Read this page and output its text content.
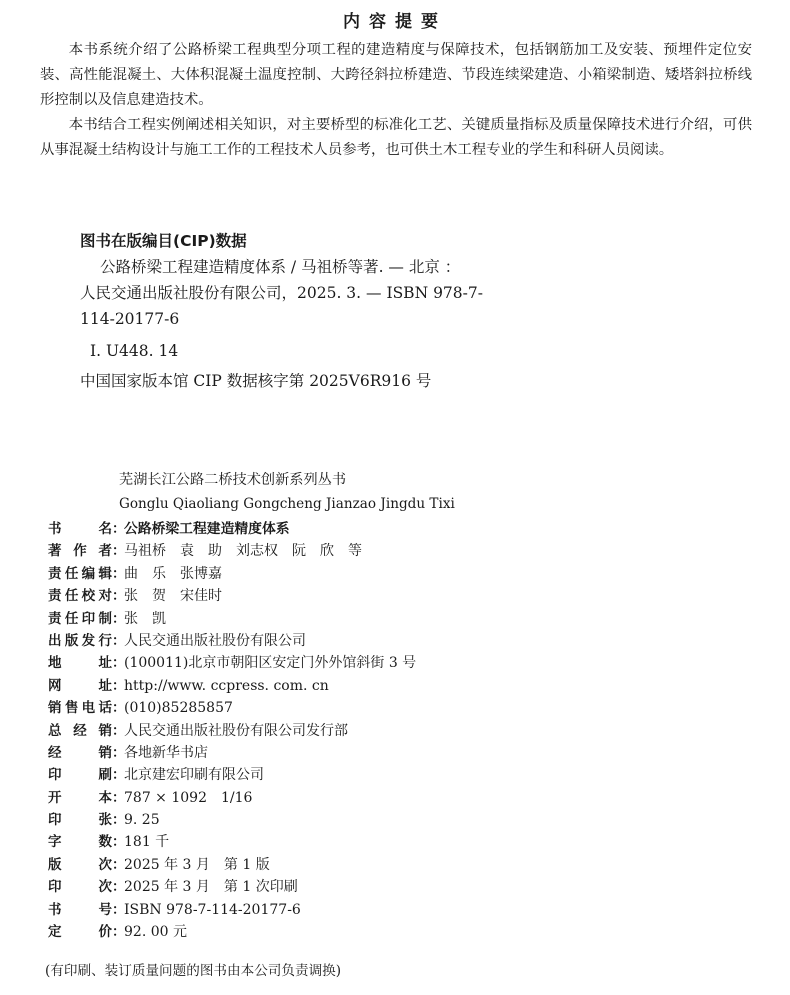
内容提要

本书系统介绍了公路桥梁工程典型分项工程的建造精度与保障技术，包括钢筋加工及安装、预埋件定位安装、高性能混凝土、大体积混凝土温度控制、大跨径斜拉桥建造、节段连续梁建造、小箱梁制造、矮塔斜拉桥线形控制以及信息建造技术。

本书结合工程实例阐述相关知识，对主要桥型的标准化工艺、关键质量指标及质量保障技术进行介绍，可供从事混凝土结构设计与施工工作的工程技术人员参考，也可供土木工程专业的学生和科研人员阅读。

图书在版编目(CIP)数据
公路桥梁工程建造精度体系 / 马祖桥等著. — 北京 ：
人民交通出版社股份有限公司，2025. 3. — ISBN 978-7-
114-20177-6
Ⅰ. U448. 14
中国国家版本馆 CIP 数据核字第 2025V6R916 号
芜湖长江公路二桥技术创新系列丛书
Gonglu Qiaoliang Gongcheng Jianzao Jingdu Tixi
书	名 ：
公路桥梁工程建造精度体系
著 作 者 ：
马祖桥　袁　助　刘志权　阮　欣　等
责 任 编 辑 ：
曲　乐　张博嘉
责 任 校 对 ：
张　贺　宋佳时
责 任 印 制 ：
张　凯
出 版 发 行 ：
人民交通出版社股份有限公司
地	址 ：
(100011)北京市朝阳区安定门外外馆斜街 3 号
网	址 ：
http://www. ccpress. com. cn
销 售 电 话 ：
(010)85285857
总 经 销 ：
人民交通出版社股份有限公司发行部
经	销 ：
各地新华书店
印	刷 ：
北京建宏印刷有限公司
开	本 ：
787 × 1092　1/16
印	张 ：
9. 25
字	数 ：
181 千
版	次 ：
2025 年 3 月　第 1 版
印	次 ：
2025 年 3 月　第 1 次印刷
书	号 ：
ISBN 978-7-114-20177-6
定	价 ：
92. 00 元
(有印刷、装订质量问题的图书由本公司负责调换)
